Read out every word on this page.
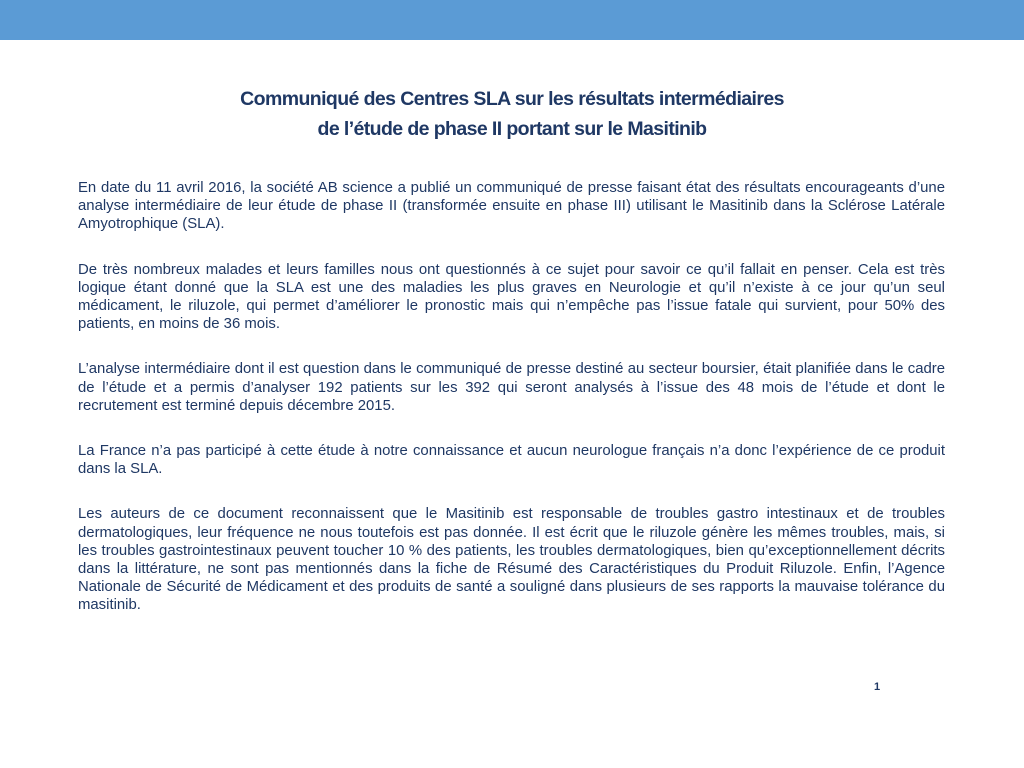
Communiqué des Centres SLA sur les résultats intermédiaires
de l’étude de phase II portant sur le Masitinib

En date du 11 avril 2016, la société AB science a publié un communiqué de presse faisant état des résultats encourageants d’une analyse intermédiaire de leur étude de phase II (transformée ensuite en phase III) utilisant le Masitinib dans la Sclérose Latérale Amyotrophique (SLA).

De très nombreux malades et leurs familles nous ont questionnés à ce sujet pour savoir ce qu’il fallait en penser. Cela est très logique étant donné que la SLA est une des maladies les plus graves en Neurologie et qu’il n’existe à ce jour qu’un seul médicament, le riluzole, qui permet d’améliorer le pronostic mais qui n’empêche pas l’issue fatale qui survient, pour 50% des patients, en moins de 36 mois.

L’analyse intermédiaire dont il est question dans le communiqué de presse destiné au secteur boursier, était planifiée dans le cadre de l’étude et a permis d’analyser 192 patients sur les 392 qui seront analysés à l’issue des 48 mois de l’étude et dont le recrutement est terminé depuis décembre 2015.

La France n’a pas participé à cette étude à notre connaissance et aucun neurologue français n’a donc l’expérience de ce produit dans la SLA.

Les auteurs de ce document reconnaissent que le Masitinib est responsable de troubles gastro intestinaux et de troubles dermatologiques, leur fréquence ne nous toutefois est pas donnée. Il est écrit que le riluzole génère les mêmes troubles, mais, si les troubles gastrointestinaux peuvent toucher 10 % des patients, les troubles dermatologiques, bien qu’exceptionnellement décrits dans la littérature, ne sont pas mentionnés dans la fiche de Résumé des Caractéristiques du Produit Riluzole. Enfin, l’Agence Nationale de Sécurité de Médicament et des produits de santé a souligné dans plusieurs de ses rapports la mauvaise tolérance du masitinib.

1
